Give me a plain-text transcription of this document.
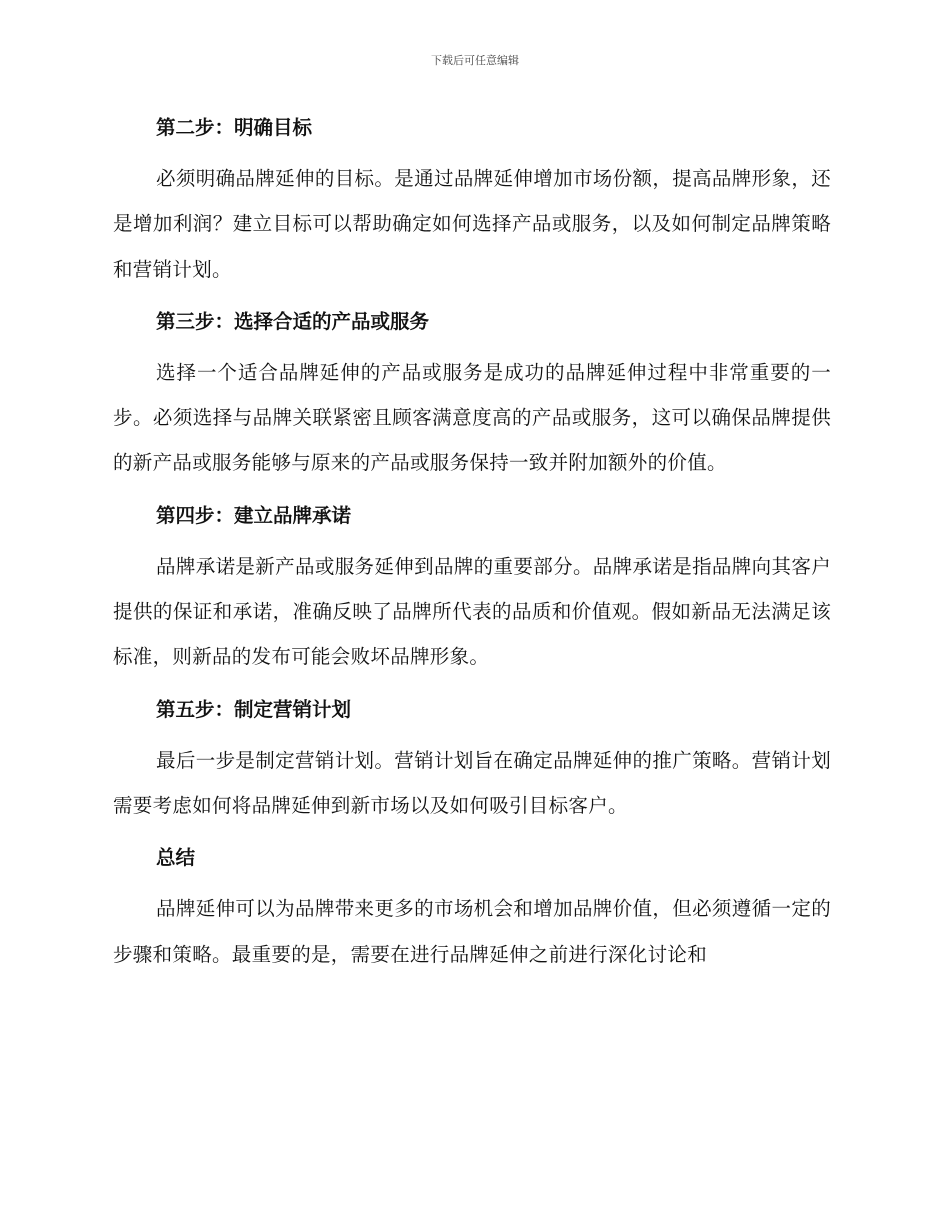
下载后可任意编辑

第二步：明确目标

必须明确品牌延伸的目标。是通过品牌延伸增加市场份额，提高品牌形象，还是增加利润？建立目标可以帮助确定如何选择产品或服务，以及如何制定品牌策略和营销计划。

第三步：选择合适的产品或服务

选择一个适合品牌延伸的产品或服务是成功的品牌延伸过程中非常重要的一步。必须选择与品牌关联紧密且顾客满意度高的产品或服务，这可以确保品牌提供的新产品或服务能够与原来的产品或服务保持一致并附加额外的价值。

第四步：建立品牌承诺

品牌承诺是新产品或服务延伸到品牌的重要部分。品牌承诺是指品牌向其客户提供的保证和承诺，准确反映了品牌所代表的品质和价值观。假如新品无法满足该标准，则新品的发布可能会败坏品牌形象。

第五步：制定营销计划

最后一步是制定营销计划。营销计划旨在确定品牌延伸的推广策略。营销计划需要考虑如何将品牌延伸到新市场以及如何吸引目标客户。

总结

品牌延伸可以为品牌带来更多的市场机会和增加品牌价值，但必须遵循一定的步骤和策略。最重要的是，需要在进行品牌延伸之前进行深化讨论和
